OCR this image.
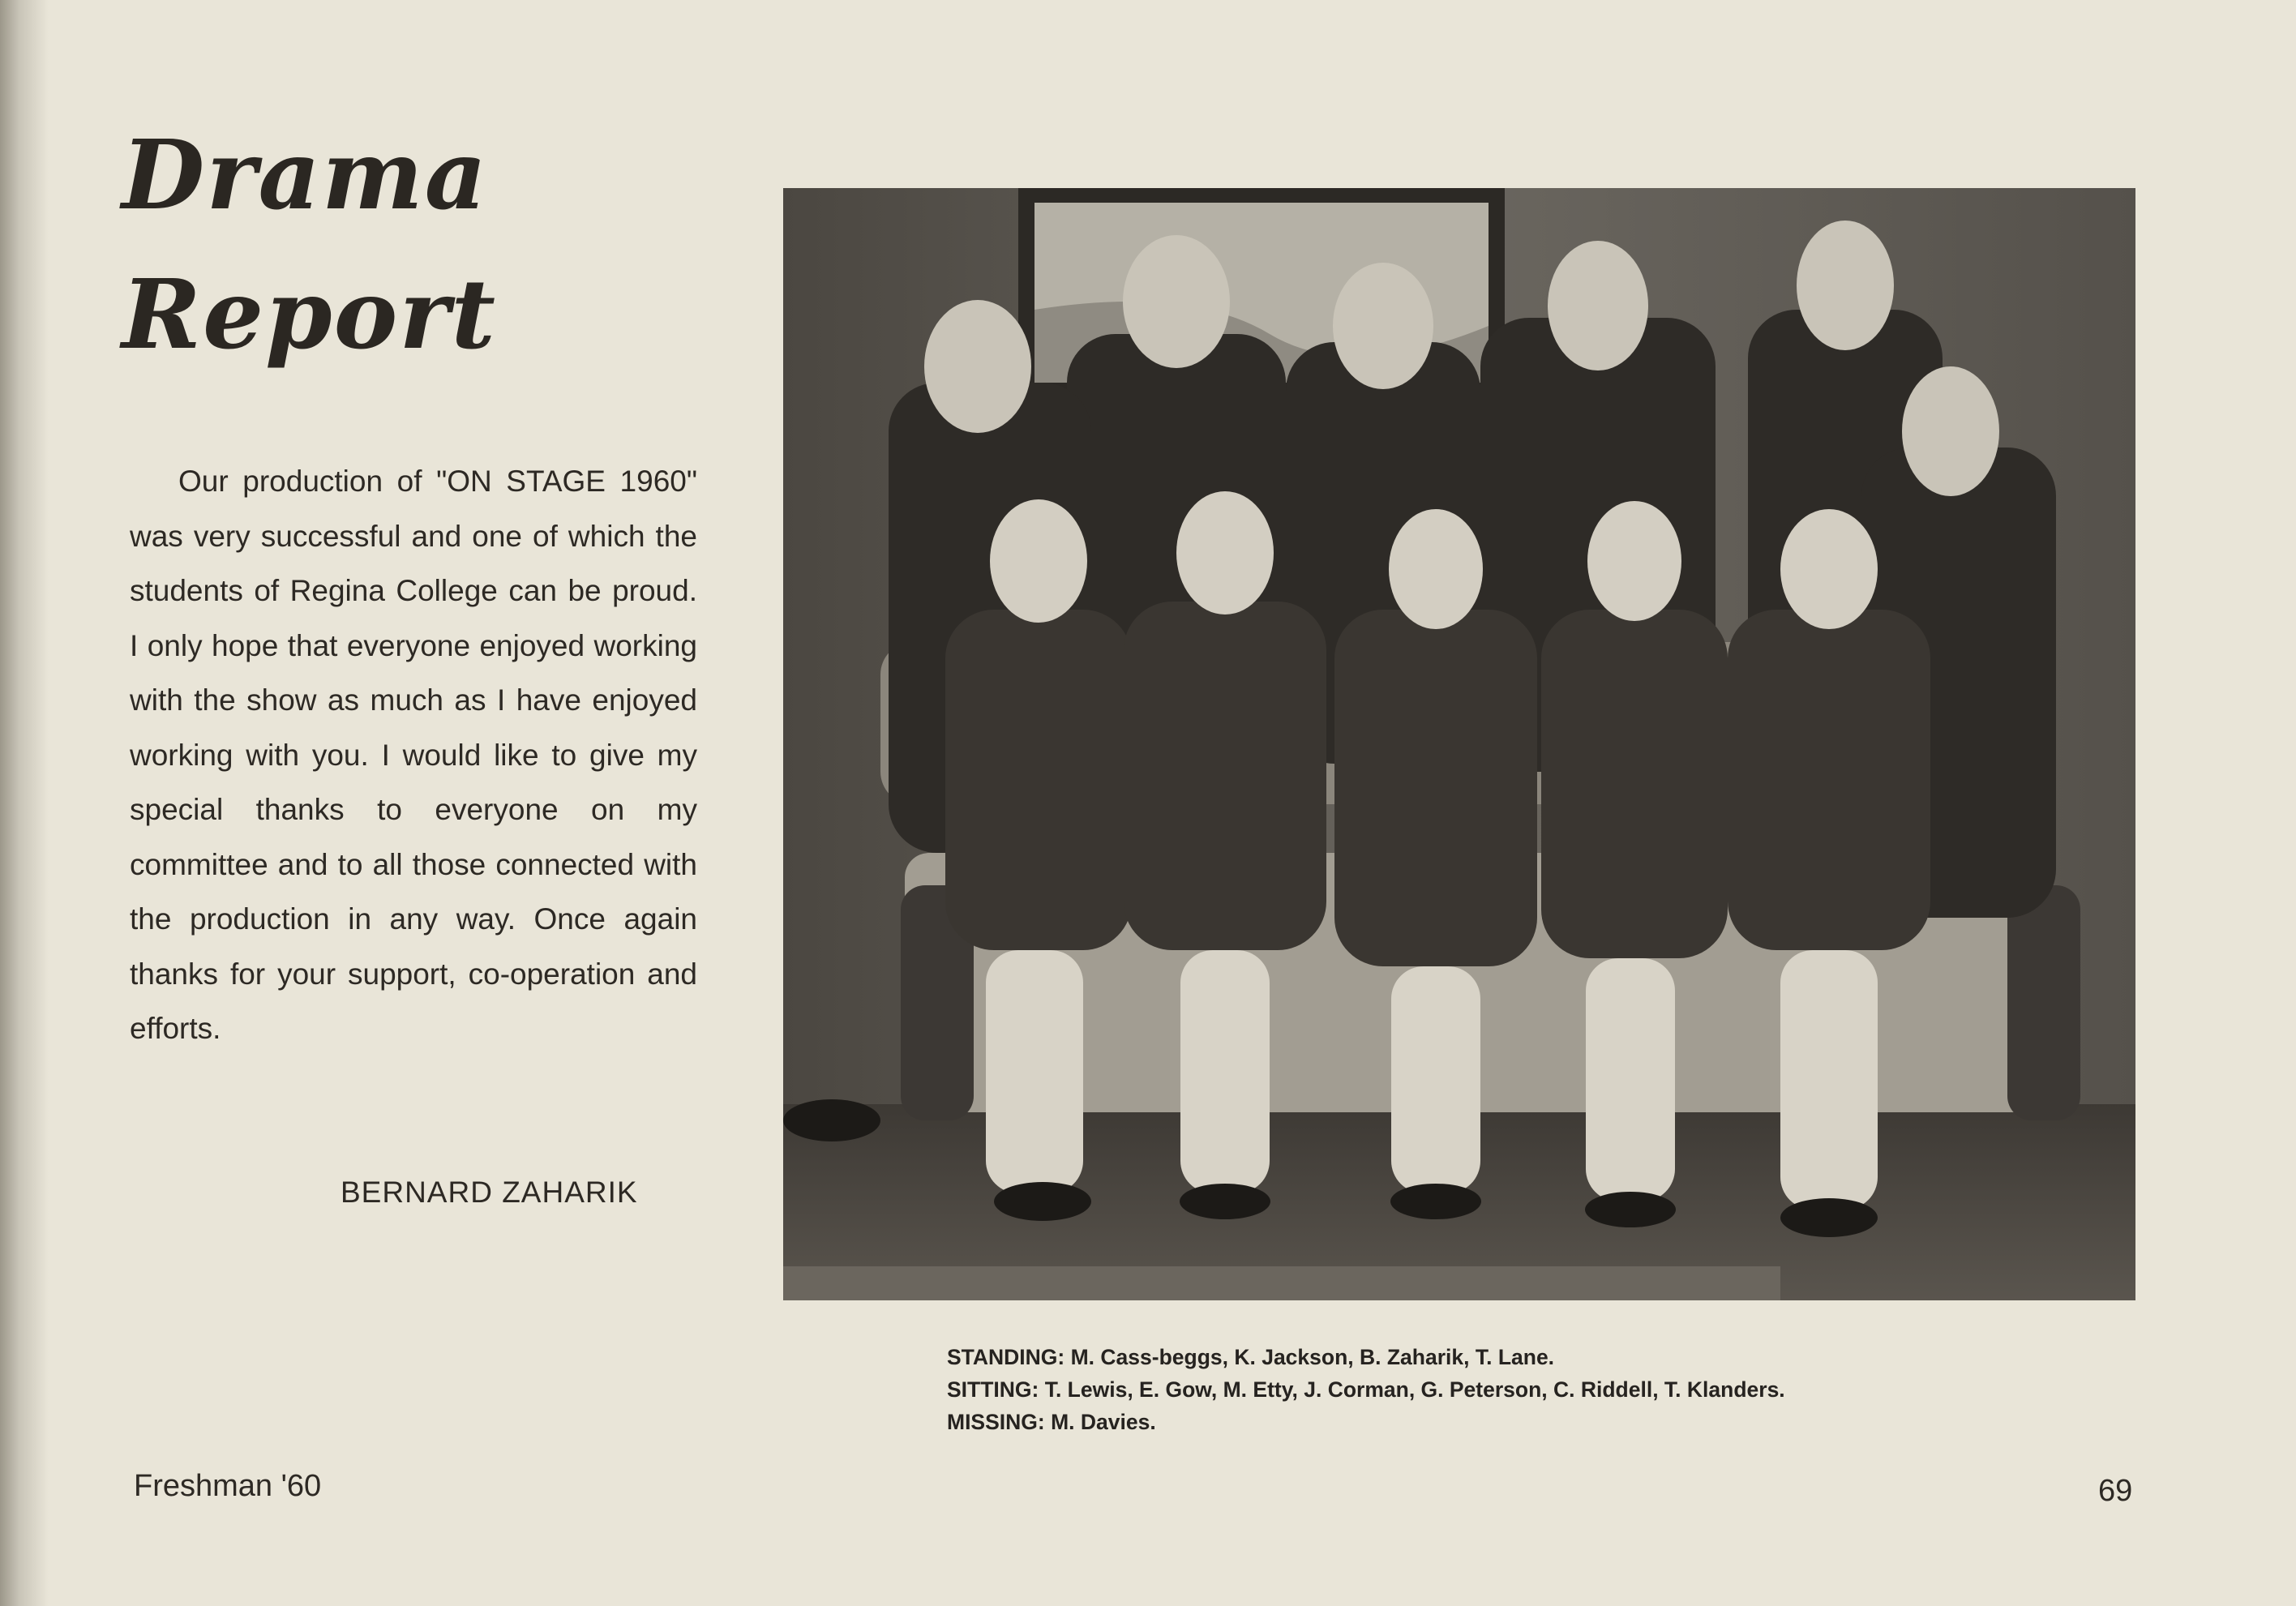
Drama
Report

Our production of "ON STAGE 1960" was very successful and one of which the students of Regina College can be proud. I only hope that everyone enjoyed working with the show as much as I have enjoyed working with you. I would like to give my special thanks to everyone on my committee and to all those connected with the production in any way. Once again thanks for your support, co-operation and efforts.

BERNARD ZAHARIK
STANDING: M. Cass-beggs, K. Jackson, B. Zaharik, T. Lane.
SITTING: T. Lewis, E. Gow, M. Etty, J. Corman, G. Peterson, C. Riddell, T. Klanders.
MISSING: M. Davies.
Freshman '60	69
